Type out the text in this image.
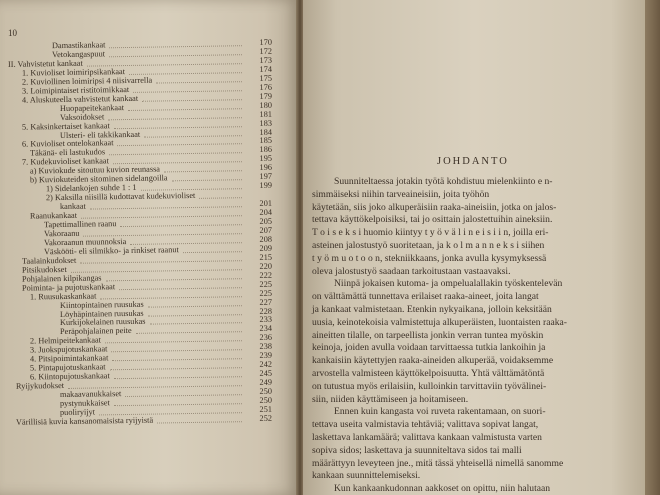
10
Damastikankaat	170
Vetokangaspuut	172
II. Vahvistetut kankaat	173
1. Kuvioliset loimiripsikankaat	174
2. Kuviollinen loimiripsi 4 niisivarrella	175
3. Loimipintaiset ristitoimikkaat	176
4. Aluskuteella vahvistetut kankaat	179
Huopapeitekankaat	180
Vaksoidokset	181
5. Kaksinkertaiset kankaat	183
Ulsteri- eli takkikankaat	184
6. Kuvioliset ontelokankaat	185
Täkänä- eli lastukudos	186
7. Kudekuvioliset kankaat	195
a) Kuviokude sitoutuu kuvion reunassa	196
b) Kuviokuteiden sitominen sidelangoilla	197
1) Sidelankojen suhde 1 : 1	199
2) Kaksilla niisillä kudottavat kudekuvioliset
kankaat	201
Raanukankaat	204
Tapettimallinen raanu	205
Vakoraanu	207
Vakoraanun muunnoksia	208
Väskööti- eli silmikko- ja rinkiset raanut	209
Taalainkudokset	215
Pitsikudokset	220
Pohjalainen kilpikangas	222
Poiminta- ja pujotuskankaat	225
1. Ruusukaskankaat	225
Kiintopintainen ruusukas	227
Löyhäpintainen ruusukas	228
Kurkijokelainen ruusukas	233
Peräpohjalainen peite	234
2. Helmipeitekankaat	236
3. Juokspujotuskankaat	238
4. Pitsipoimintakankaat	239
5. Pintapujotuskankaat	242
6. Kiintopujotuskankaat	245
Ryijykudokset	249
makaavanukkaiset	250
pystynukkaiset	250
puoliryijyt	251
Värillisiä kuvia kansanomaisista ryijyistä	252
JOHDANTO
Suunniteltaessa jotakin työtä kohdistuu mielenkiinto e n-
simmäiseksi niihin tarveaineisiin, joita työhön
käytetään, siis joko alkuperäisiin raaka-aineisiin, jotka on jalos-
tettava käyttökelpoisiksi, tai jo osittain jalostettuihin aineksiin.
T o i s e k s i huomio kiintyy t y ö v ä l i n e i s i i n, joilla eri-
asteinen jalostustyö suoritetaan, ja k o l m a n n e k s i siihen
t y ö m u o t o o n, stekniikkaans, jonka avulla kysymyksessä
oleva jalostustyö saadaan tarkoitustaan vastaavaksi.
Niinpä jokaisen kutoma- ja ompelualallakin työskentelevän
on välttämättä tunnettava erilaiset raaka-aineet, joita langat
ja kankaat valmistetaan. Etenkin nykyaikana, jolloin keksitään
uusia, keinotekoisia valmistettuja alkuperäisten, luontaisten raaka-
aineitten tilalle, on tarpeellista jonkin verran tuntea myöskin
keinoja, joiden avulla voidaan tarvittaessa tutkia lankoihin ja
kankaisiin käytettyjen raaka-aineiden alkuperää, voidaksemme
arvostella valmisteen käyttökelpoisuutta. Yhtä välttämätöntä
on tutustua myös erilaisiin, kulloinkin tarvittaviin työvälinei-
siin, niiden käyttämiseen ja hoitamiseen.
Ennen kuin kangasta voi ruveta rakentamaan, on suori-
tettava useita valmistavia tehtäviä; valittava sopivat langat,
laskettava lankamäärä; valittava kankaan valmistusta varten
sopiva sidos; laskettava ja suunniteltava sidos tai malli
määrättyyn leveyteen jne., mitä tässä yhteisellä nimellä sanomme
kankaan suunnittelemiseksi.
Kun kankaankudonnan aakkoset on opittu, niin halutaan
